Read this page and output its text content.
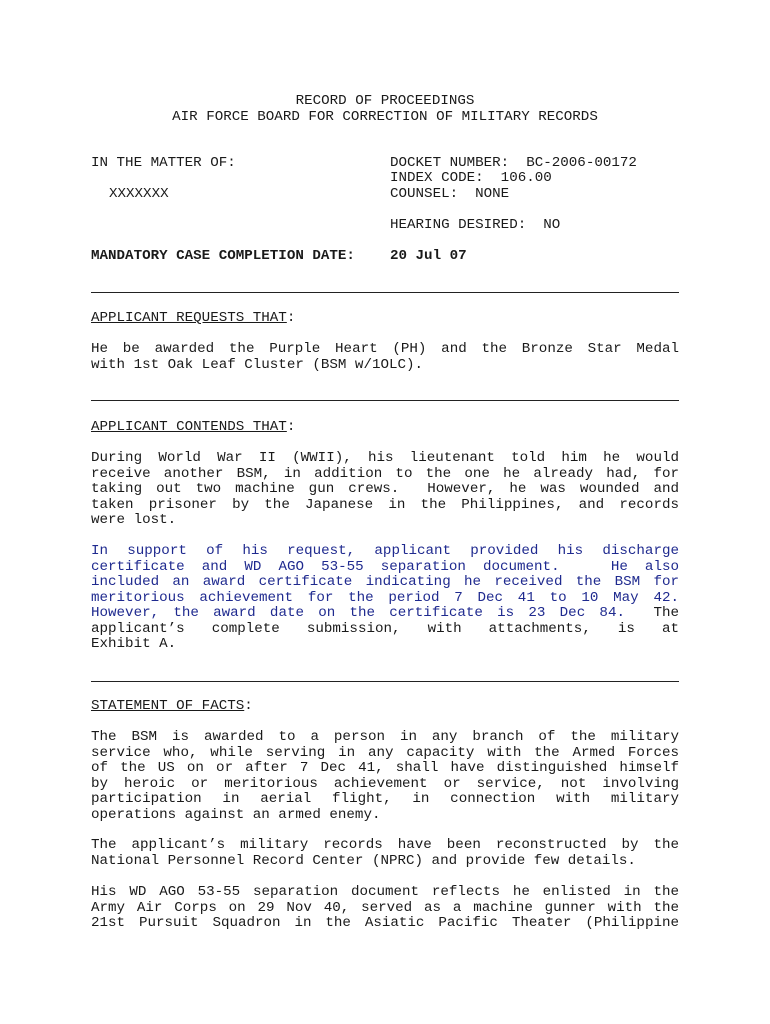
RECORD OF PROCEEDINGS
AIR FORCE BOARD FOR CORRECTION OF MILITARY RECORDS
IN THE MATTER OF:
XXXXXXX
DOCKET NUMBER:  BC-2006-00172
INDEX CODE:  106.00
COUNSEL:  NONE
HEARING DESIRED:  NO
MANDATORY CASE COMPLETION DATE: 20 Jul 07
APPLICANT REQUESTS THAT:
He be awarded the Purple Heart (PH) and the Bronze Star Medal
with 1st Oak Leaf Cluster (BSM w/1OLC).
APPLICANT CONTENDS THAT:
During World War II (WWII), his lieutenant told him he would
receive another BSM, in addition to the one he already had, for
taking out two machine gun crews.  However, he was wounded and
taken prisoner by the Japanese in the Philippines, and records
were lost.
In support of his request, applicant provided his discharge
certificate and WD AGO 53-55 separation document.   He also
included an award certificate indicating he received the BSM for
meritorious achievement for the period 7 Dec 41 to 10 May 42.
However, the award date on the certificate is 23 Dec 84.  The
applicant’s complete submission, with attachments, is at
Exhibit A.
STATEMENT OF FACTS:
The BSM is awarded to a person in any branch of the military
service who, while serving in any capacity with the Armed Forces
of the US on or after 7 Dec 41, shall have distinguished himself
by heroic or meritorious achievement or service, not involving
participation in aerial flight, in connection with military
operations against an armed enemy.
The applicant’s military records have been reconstructed by the
National Personnel Record Center (NPRC) and provide few details.
His WD AGO 53-55 separation document reflects he enlisted in the
Army Air Corps on 29 Nov 40, served as a machine gunner with the
21st Pursuit Squadron in the Asiatic Pacific Theater (Philippine
